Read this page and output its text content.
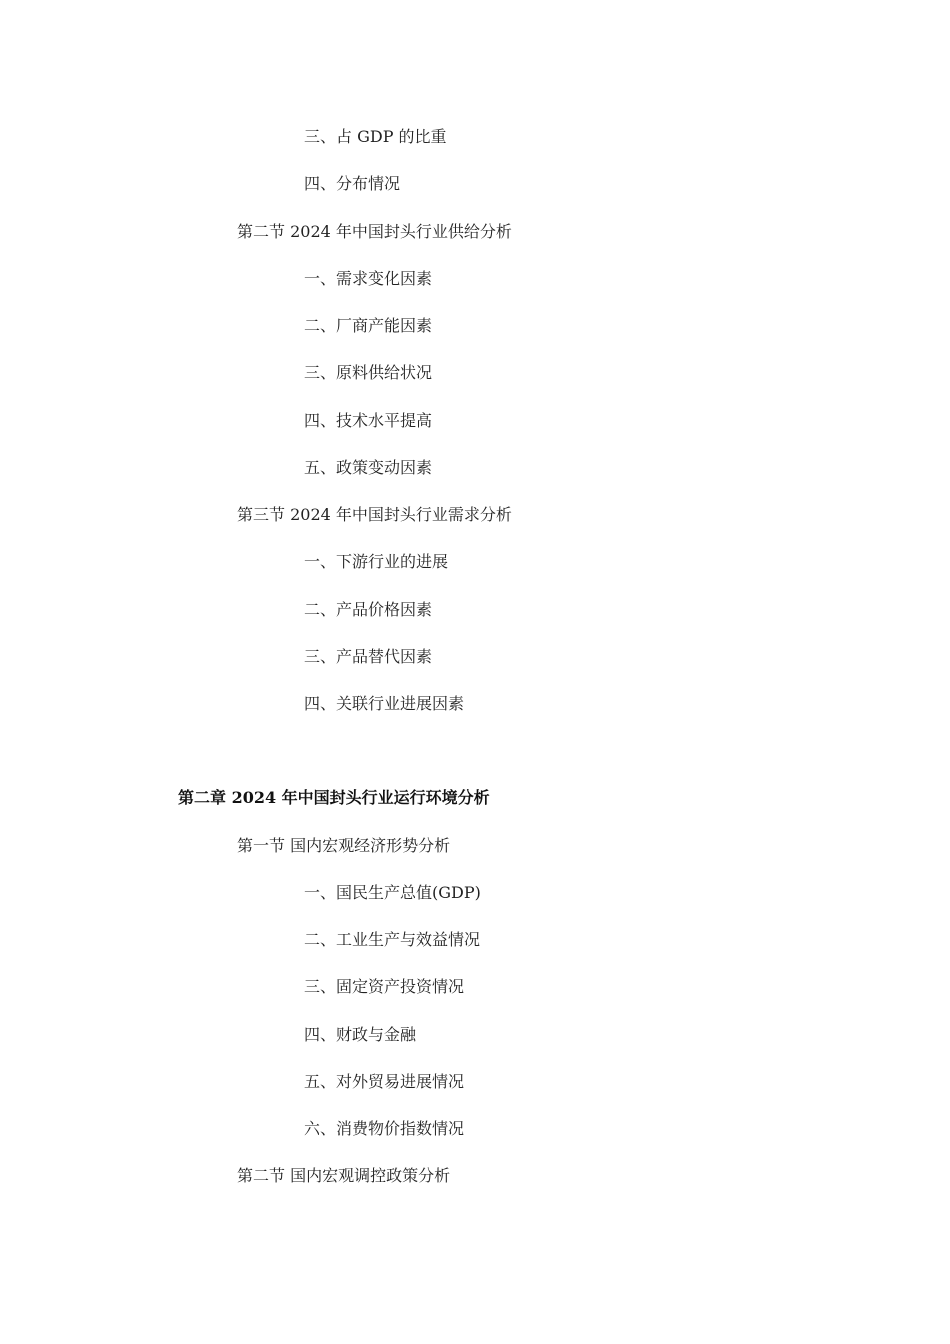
三、占 GDP 的比重
四、分布情况
第二节 2024 年中国封头行业供给分析
一、需求变化因素
二、厂商产能因素
三、原料供给状况
四、技术水平提高
五、政策变动因素
第三节 2024 年中国封头行业需求分析
一、下游行业的进展
二、产品价格因素
三、产品替代因素
四、关联行业进展因素
第二章 2024 年中国封头行业运行环境分析
第一节 国内宏观经济形势分析
一、国民生产总值(GDP)
二、工业生产与效益情况
三、固定资产投资情况
四、财政与金融
五、对外贸易进展情况
六、消费物价指数情况
第二节 国内宏观调控政策分析
